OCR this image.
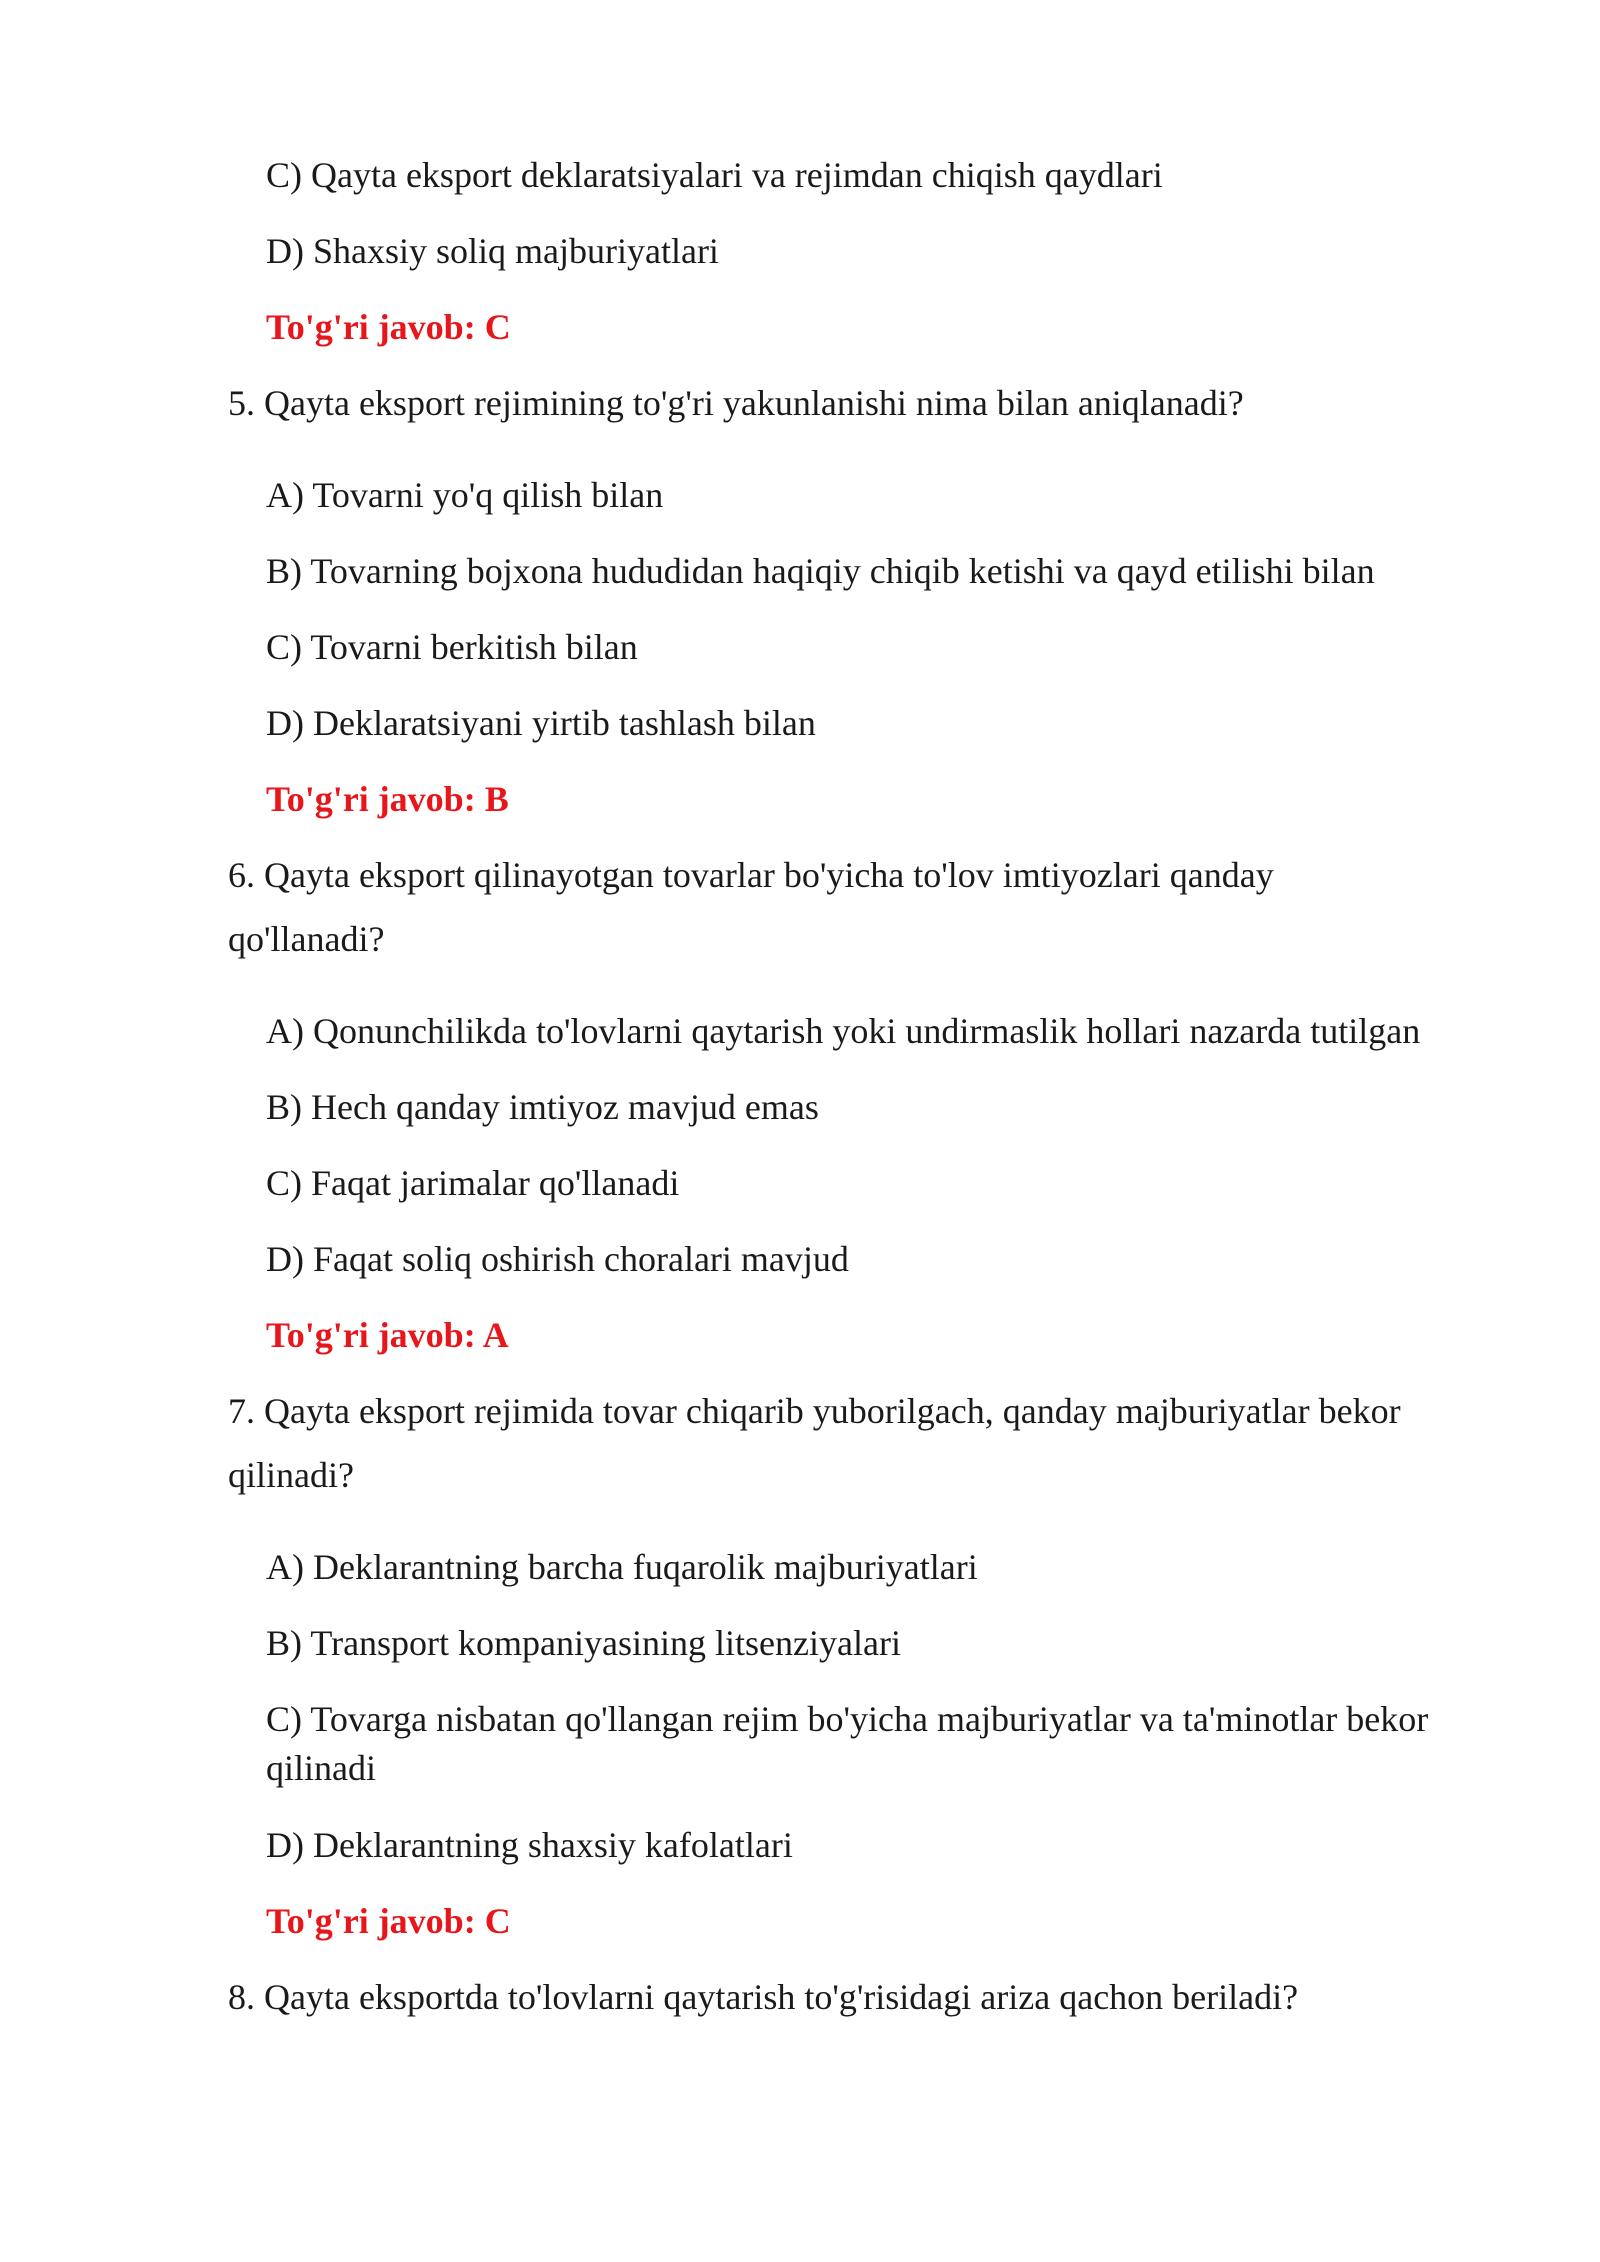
C) Qayta eksport deklaratsiyalari va rejimdan chiqish qaydlari
D) Shaxsiy soliq majburiyatlari
To'g'ri javob: C
5. Qayta eksport rejimining to'g'ri yakunlanishi nima bilan aniqlanadi?
A) Tovarni yo'q qilish bilan
B) Tovarning bojxona hududidan haqiqiy chiqib ketishi va qayd etilishi bilan
C) Tovarni berkitish bilan
D) Deklaratsiyani yirtib tashlash bilan
To'g'ri javob: B
6. Qayta eksport qilinayotgan tovarlar bo'yicha to'lov imtiyozlari qanday
qo'llanadi?
A) Qonunchilikda to'lovlarni qaytarish yoki undirmaslik hollari nazarda tutilgan
B) Hech qanday imtiyoz mavjud emas
C) Faqat jarimalar qo'llanadi
D) Faqat soliq oshirish choralari mavjud
To'g'ri javob: A
7. Qayta eksport rejimida tovar chiqarib yuborilgach, qanday majburiyatlar bekor
qilinadi?
A) Deklarantning barcha fuqarolik majburiyatlari
B) Transport kompaniyasining litsenziyalari
C) Tovarga nisbatan qo'llangan rejim bo'yicha majburiyatlar va ta'minotlar bekor
qilinadi
D) Deklarantning shaxsiy kafolatlari
To'g'ri javob: C
8. Qayta eksportda to'lovlarni qaytarish to'g'risidagi ariza qachon beriladi?
